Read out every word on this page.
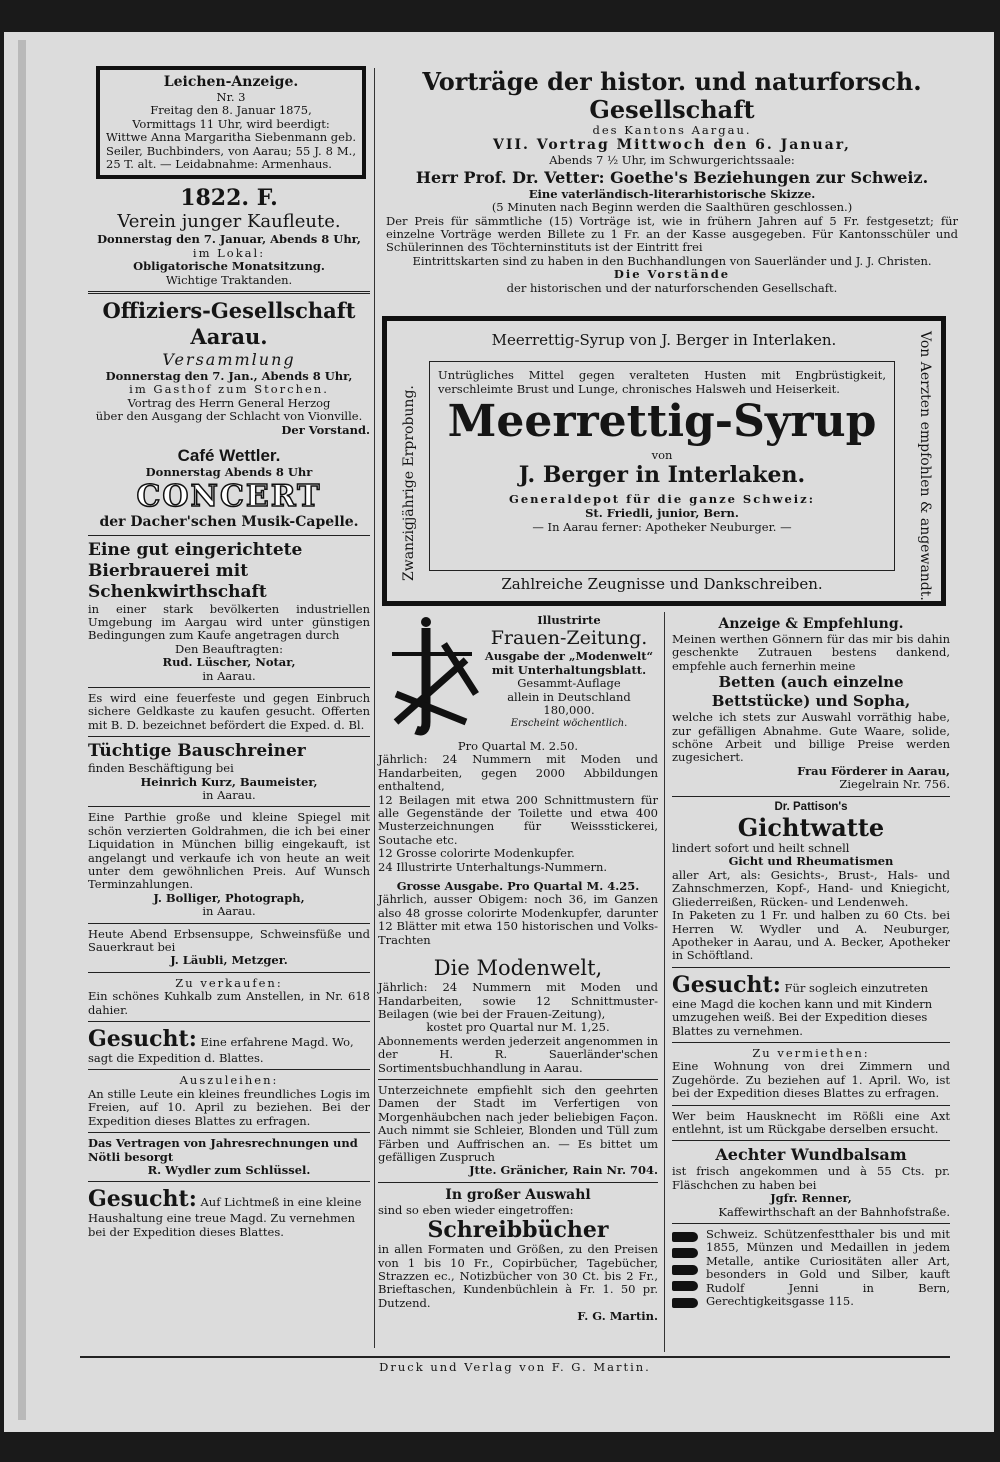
Leichen-Anzeige.
Nr. 3
Freitag den 8. Januar 1875,
Vormittags 11 Uhr, wird beerdigt:
Wittwe Anna Margaritha Siebenmann geb. Seiler, Buchbinders, von Aarau; 55 J. 8 M., 25 T. alt. — Leidabnahme: Armenhaus.
1822. F.
Verein junger Kaufleute.
Donnerstag den 7. Januar, Abends 8 Uhr,
im Lokal:
Obligatorische Monatsitzung.
Wichtige Traktanden.
Offiziers-Gesellschaft Aarau.
Versammlung
Donnerstag den 7. Jan., Abends 8 Uhr,
im Gasthof zum Storchen.
Vortrag des Herrn General Herzog
über den Ausgang der Schlacht von Vionville.
Der Vorstand.
Café Wettler.
Donnerstag Abends 8 Uhr
CONCERT
der Dacher'schen Musik-Capelle.
Eine gut eingerichtete Bierbrauerei mit Schenkwirthschaft
in einer stark bevölkerten industriellen Umgebung im Aargau wird unter günstigen Bedingungen zum Kaufe angetragen durch
Den Beauftragten:
Rud. Lüscher, Notar,
in Aarau.
Es wird eine feuerfeste und gegen Einbruch sichere Geldkaste zu kaufen gesucht. Offerten mit B. D. bezeichnet befördert die Exped. d. Bl.
Tüchtige Bauschreiner
finden Beschäftigung bei
Heinrich Kurz, Baumeister,
in Aarau.
Eine Parthie große und kleine Spiegel mit schön verzierten Goldrahmen, die ich bei einer Liquidation in München billig eingekauft, ist angelangt und verkaufe ich von heute an weit unter dem gewöhnlichen Preis. Auf Wunsch Terminzahlungen.
J. Bolliger, Photograph,
in Aarau.
Heute Abend Erbsensuppe, Schweinsfüße und Sauerkraut bei
J. Läubli, Metzger.
Zu verkaufen:
Ein schönes Kuhkalb zum Anstellen, in Nr. 618 dahier.
Gesucht: Eine erfahrene Magd. Wo, sagt die Expedition d. Blattes.
Auszuleihen:
An stille Leute ein kleines freundliches Logis im Freien, auf 10. April zu beziehen. Bei der Expedition dieses Blattes zu erfragen.
Das Vertragen von Jahresrechnungen und Nötli besorgt
R. Wydler zum Schlüssel.
Gesucht: Auf Lichtmeß in eine kleine Haushaltung eine treue Magd. Zu vernehmen bei der Expedition dieses Blattes.
Vorträge der histor. und naturforsch. Gesellschaft
des Kantons Aargau.
VII. Vortrag Mittwoch den 6. Januar,
Abends 7 ½ Uhr, im Schwurgerichtssaale:
Herr Prof. Dr. Vetter: Goethe's Beziehungen zur Schweiz.
Eine vaterländisch-literarhistorische Skizze.
(5 Minuten nach Beginn werden die Saalthüren geschlossen.)
Der Preis für sämmtliche (15) Vorträge ist, wie in frühern Jahren auf 5 Fr. festgesetzt; für einzelne Vorträge werden Billete zu 1 Fr. an der Kasse ausgegeben. Für Kantonsschüler und Schülerinnen des Töchterninstituts ist der Eintritt frei
Eintrittskarten sind zu haben in den Buchhandlungen von Sauerländer und J. J. Christen.
Die Vorstände
der historischen und der naturforschenden Gesellschaft.
Meerrettig-Syrup von J. Berger in Interlaken.
Zwanzigjährige Erprobung.	Von Aerzten empfohlen & angewandt.
Untrügliches Mittel gegen veralteten Husten mit Engbrüstigkeit, verschleimte Brust und Lunge, chronisches Halsweh und Heiserkeit.
Meerrettig-Syrup
von
J. Berger in Interlaken.
Generaldepot für die ganze Schweiz:
St. Friedli, junior, Bern.
— In Aarau ferner: Apotheker Neuburger. —
Zahlreiche Zeugnisse und Dankschreiben.
Illustrirte
Frauen-Zeitung.
Ausgabe der „Modenwelt“ mit Unterhaltungsblatt.
Gesammt-Auflage
allein in Deutschland 180,000.
Erscheint wöchentlich.
Pro Quartal M. 2.50.
Jährlich: 24 Nummern mit Moden und Handarbeiten, gegen 2000 Abbildungen enthaltend,
12 Beilagen mit etwa 200 Schnittmustern für alle Gegenstände der Toilette und etwa 400 Musterzeichnungen für Weissstickerei, Soutache etc.
12 Grosse colorirte Modenkupfer.
24 Illustrirte Unterhaltungs-Nummern.
Grosse Ausgabe. Pro Quartal M. 4.25.
Jährlich, ausser Obigem: noch 36, im Ganzen also 48 grosse colorirte Modenkupfer, darunter 12 Blätter mit etwa 150 historischen und Volks-Trachten
Die Modenwelt,
Jährlich: 24 Nummern mit Moden und Handarbeiten, sowie 12 Schnittmuster-Beilagen (wie bei der Frauen-Zeitung),
kostet pro Quartal nur M. 1,25.
Abonnements werden jederzeit angenommen in der H. R. Sauerländer'schen Sortimentsbuchhandlung in Aarau.
Unterzeichnete empfiehlt sich den geehrten Damen der Stadt im Verfertigen von Morgenhäubchen nach jeder beliebigen Façon. Auch nimmt sie Schleier, Blonden und Tüll zum Färben und Auffrischen an. — Es bittet um gefälligen Zuspruch
Jtte. Gränicher, Rain Nr. 704.
In großer Auswahl
sind so eben wieder eingetroffen:
Schreibbücher
in allen Formaten und Größen, zu den Preisen von 1 bis 10 Fr., Copirbücher, Tagebücher, Strazzen ec., Notizbücher von 30 Ct. bis 2 Fr., Brieftaschen, Kundenbüchlein à Fr. 1. 50 pr. Dutzend.
F. G. Martin.
Anzeige & Empfehlung.
Meinen werthen Gönnern für das mir bis dahin geschenkte Zutrauen bestens dankend, empfehle auch fernerhin meine
Betten (auch einzelne Bettstücke) und Sopha,
welche ich stets zur Auswahl vorräthig habe, zur gefälligen Abnahme. Gute Waare, solide, schöne Arbeit und billige Preise werden zugesichert.
Frau Förderer in Aarau,
Ziegelrain Nr. 756.
Dr. Pattison's
Gichtwatte
lindert sofort und heilt schnell
Gicht und Rheumatismen
aller Art, als: Gesichts-, Brust-, Hals- und Zahnschmerzen, Kopf-, Hand- und Kniegicht, Gliederreißen, Rücken- und Lendenweh.
In Paketen zu 1 Fr. und halben zu 60 Cts. bei Herren W. Wydler und A. Neuburger, Apotheker in Aarau, und A. Becker, Apotheker in Schöftland.
Gesucht: Für sogleich einzutreten eine Magd die kochen kann und mit Kindern umzugehen weiß. Bei der Expedition dieses Blattes zu vernehmen.
Zu vermiethen:
Eine Wohnung von drei Zimmern und Zugehörde. Zu beziehen auf 1. April. Wo, ist bei der Expedition dieses Blattes zu erfragen.
Wer beim Hausknecht im Rößli eine Axt entlehnt, ist um Rückgabe derselben ersucht.
Aechter Wundbalsam
ist frisch angekommen und à 55 Cts. pr. Fläschchen zu haben bei
Jgfr. Renner,
Kaffewirthschaft an der Bahnhofstraße.
Schweiz. Schützenfestthaler bis und mit 1855, Münzen und Medaillen in jedem Metalle, antike Curiositäten aller Art, besonders in Gold und Silber, kauft Rudolf Jenni in Bern, Gerechtigkeitsgasse 115.
Druck und Verlag von F. G. Martin.
